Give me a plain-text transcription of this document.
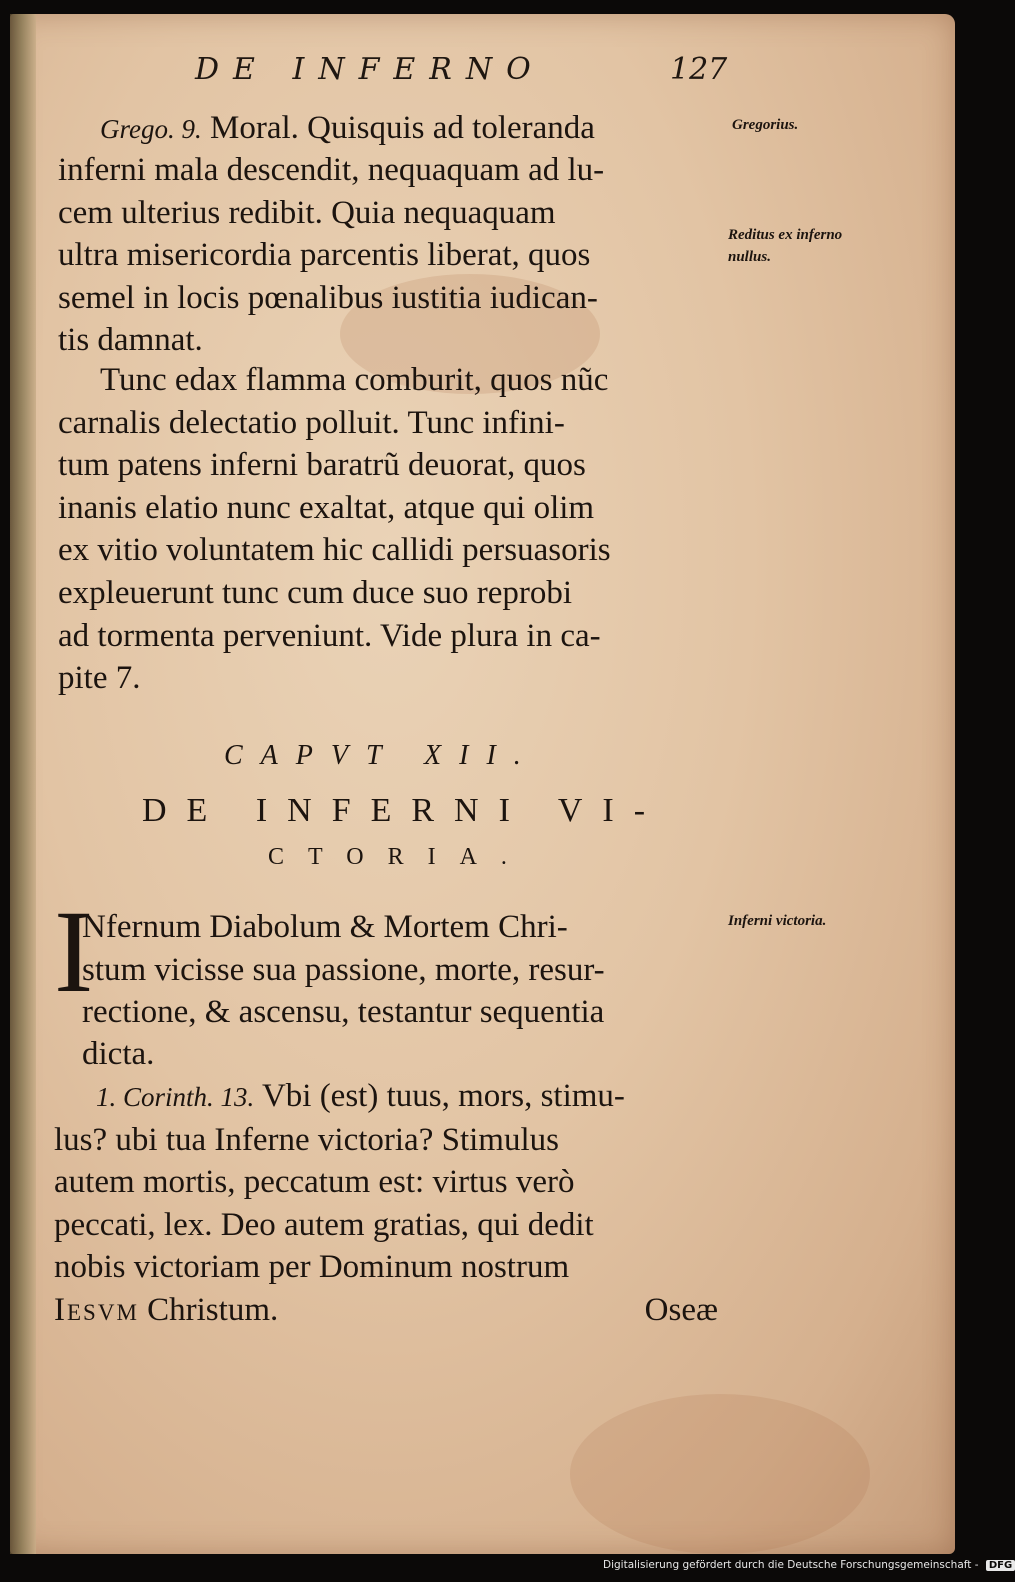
DE INFERNO	127
Gregorius.
Reditus ex inferno nullus.
Inferni victoria.
Grego. 9. Moral. Quisquis ad toleranda
inferni mala descendit, nequaquam ad lu-
cem ulterius redibit. Quia nequaquam
ultra misericordia parcentis liberat, quos
semel in locis pœnalibus iustitia iudican-
tis damnat.
Tunc edax flamma comburit, quos nũc
carnalis delectatio polluit. Tunc infini-
tum patens inferni baratrũ deuorat, quos
inanis elatio nunc exaltat, atque qui olim
ex vitio voluntatem hic callidi persuasoris
expleuerunt tunc cum duce suo reprobi
ad tormenta perveniunt. Vide plura in ca-
pite 7.
CAPVT XII.
DE INFERNI VI-
CTORIA.
I
Nfernum Diabolum & Mortem Chri-
stum vicisse sua passione, morte, resur-
rectione, & ascensu, testantur sequentia
dicta.
1. Corinth. 13. Vbi (est) tuus, mors, stimu-
lus? ubi tua Inferne victoria? Stimulus
autem mortis, peccatum est: virtus verò
peccati, lex. Deo autem gratias, qui dedit
nobis victoriam per Dominum nostrum
Iesvm Christum.	Oseæ
Digitalisierung gefördert durch die Deutsche Forschungsgemeinschaft - DFG
